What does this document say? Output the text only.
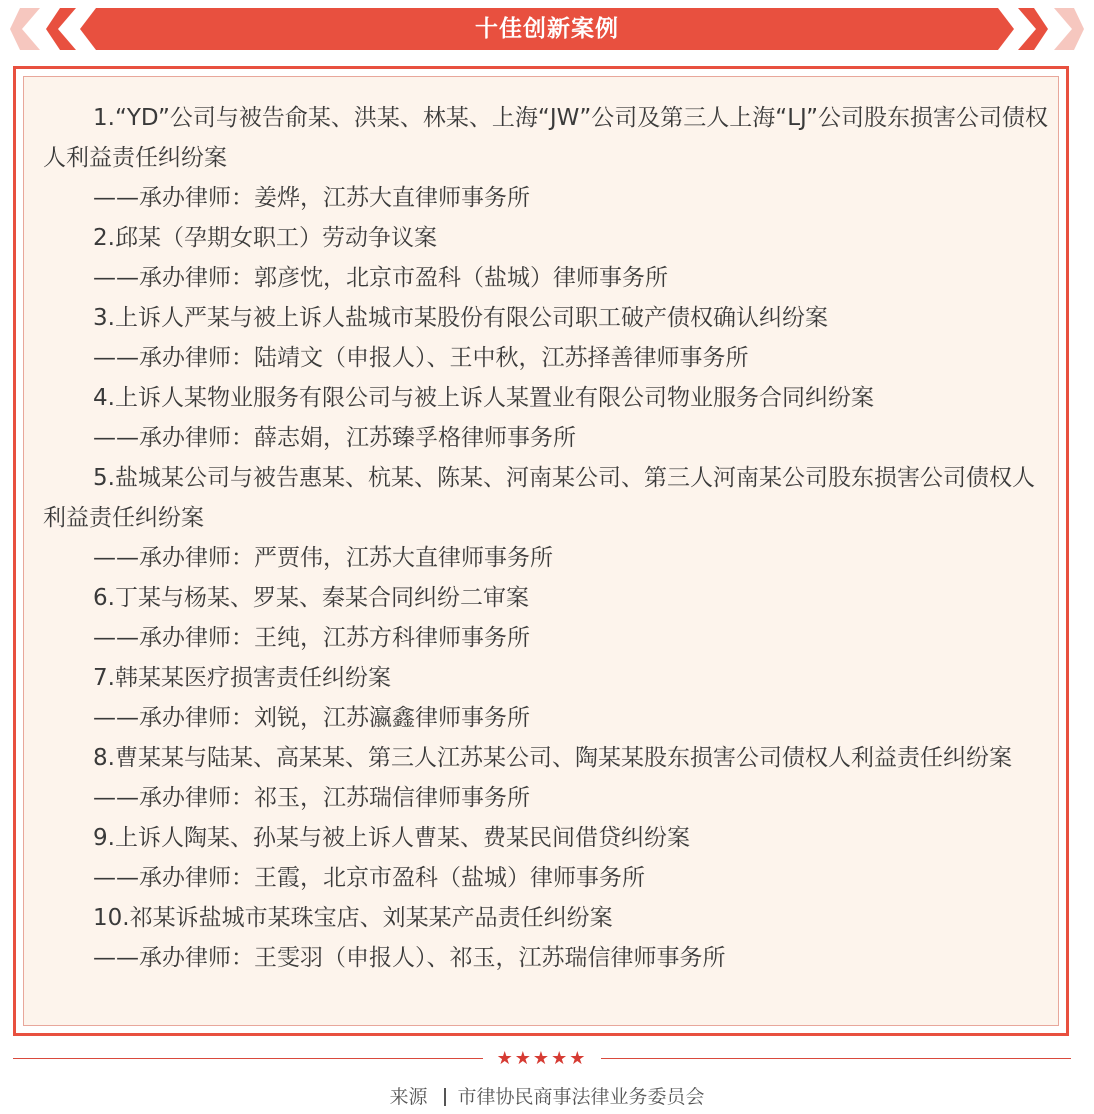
十佳创新案例

1.“YD”公司与被告俞某、洪某、林某、上海“JW”公司及第三人上海“LJ”公司股东损害公司债权人利益责任纠纷案

——承办律师：姜烨，江苏大直律师事务所

2.邱某（孕期女职工）劳动争议案

——承办律师：郭彦忱，北京市盈科（盐城）律师事务所

3.上诉人严某与被上诉人盐城市某股份有限公司职工破产债权确认纠纷案

——承办律师：陆靖文（申报人）、王中秋，江苏择善律师事务所

4.上诉人某物业服务有限公司与被上诉人某置业有限公司物业服务合同纠纷案

——承办律师：薛志娟，江苏臻孚格律师事务所

5.盐城某公司与被告惠某、杭某、陈某、河南某公司、第三人河南某公司股东损害公司债权人利益责任纠纷案

——承办律师：严贾伟，江苏大直律师事务所

6.丁某与杨某、罗某、秦某合同纠纷二审案

——承办律师：王纯，江苏方科律师事务所

7.韩某某医疗损害责任纠纷案

——承办律师：刘锐，江苏瀛鑫律师事务所

8.曹某某与陆某、高某某、第三人江苏某公司、陶某某股东损害公司债权人利益责任纠纷案

——承办律师：祁玉，江苏瑞信律师事务所

9.上诉人陶某、孙某与被上诉人曹某、费某民间借贷纠纷案

——承办律师：王霞，北京市盈科（盐城）律师事务所

10.祁某诉盐城市某珠宝店、刘某某产品责任纠纷案

——承办律师：王雯羽（申报人）、祁玉，江苏瑞信律师事务所

★★★★★
来源 市律协民商事法律业务委员会
